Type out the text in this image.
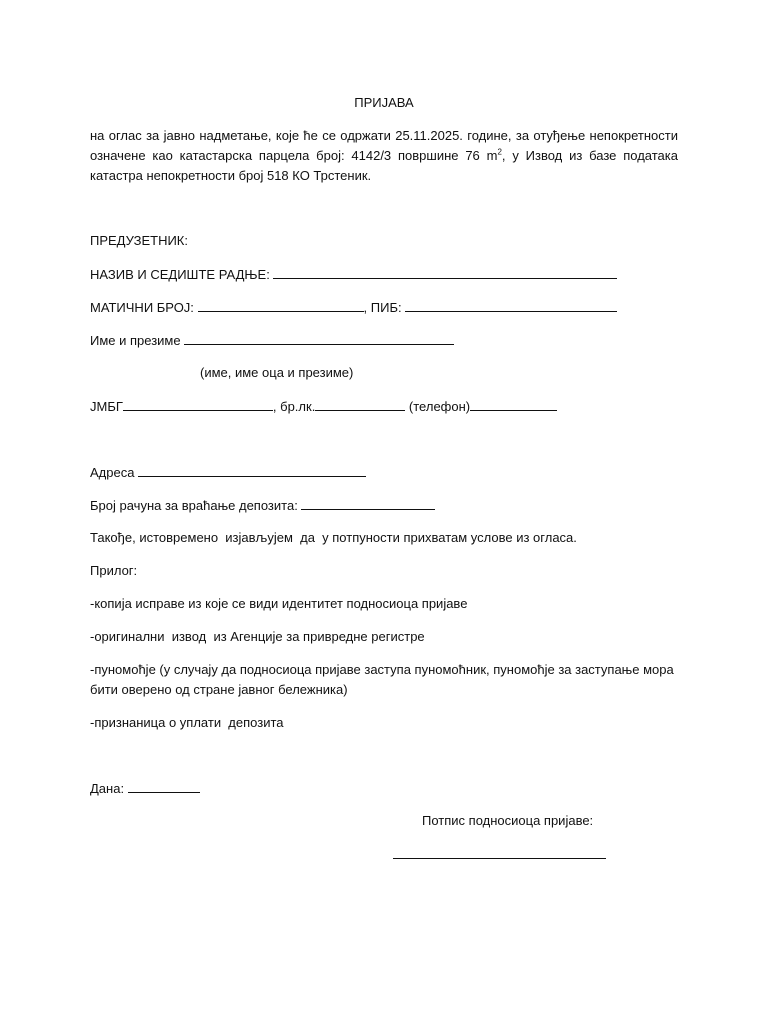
ПРИЈАВА
на оглас за јавно надметање, које ће се одржати 25.11.2025. године, за отуђење непокретности означене као катастарска парцела број: 4142/3 површине 76 $m^2$, у Извод из базе података катастра непокретности број 518 КО Трстеник.
ПРЕДУЗЕТНИК:
НАЗИВ И СЕДИШТЕ РАДЊЕ:
МАТИЧНИ БРОЈ:	, ПИБ:
Име и презиме
(име, име оца и презиме)
ЈМБГ	, бр.лк.	(телефон)
Адреса
Број рачуна за враћање депозита:
Такође, истовремено  изјављујем  да  у потпуности прихватам услове из огласа.
Прилог:
-копија исправе из које се види идентитет подносиоца пријаве
-оригинални  извод  из Агенције за привредне регистре
-пуномоћје (у случају да подносиоца пријаве заступа пуномоћник, пуномоћје за заступање мора бити оверено од стране јавног бележника)
-признаница о уплати  депозита
Дана:
Потпис подносиоца пријаве:
